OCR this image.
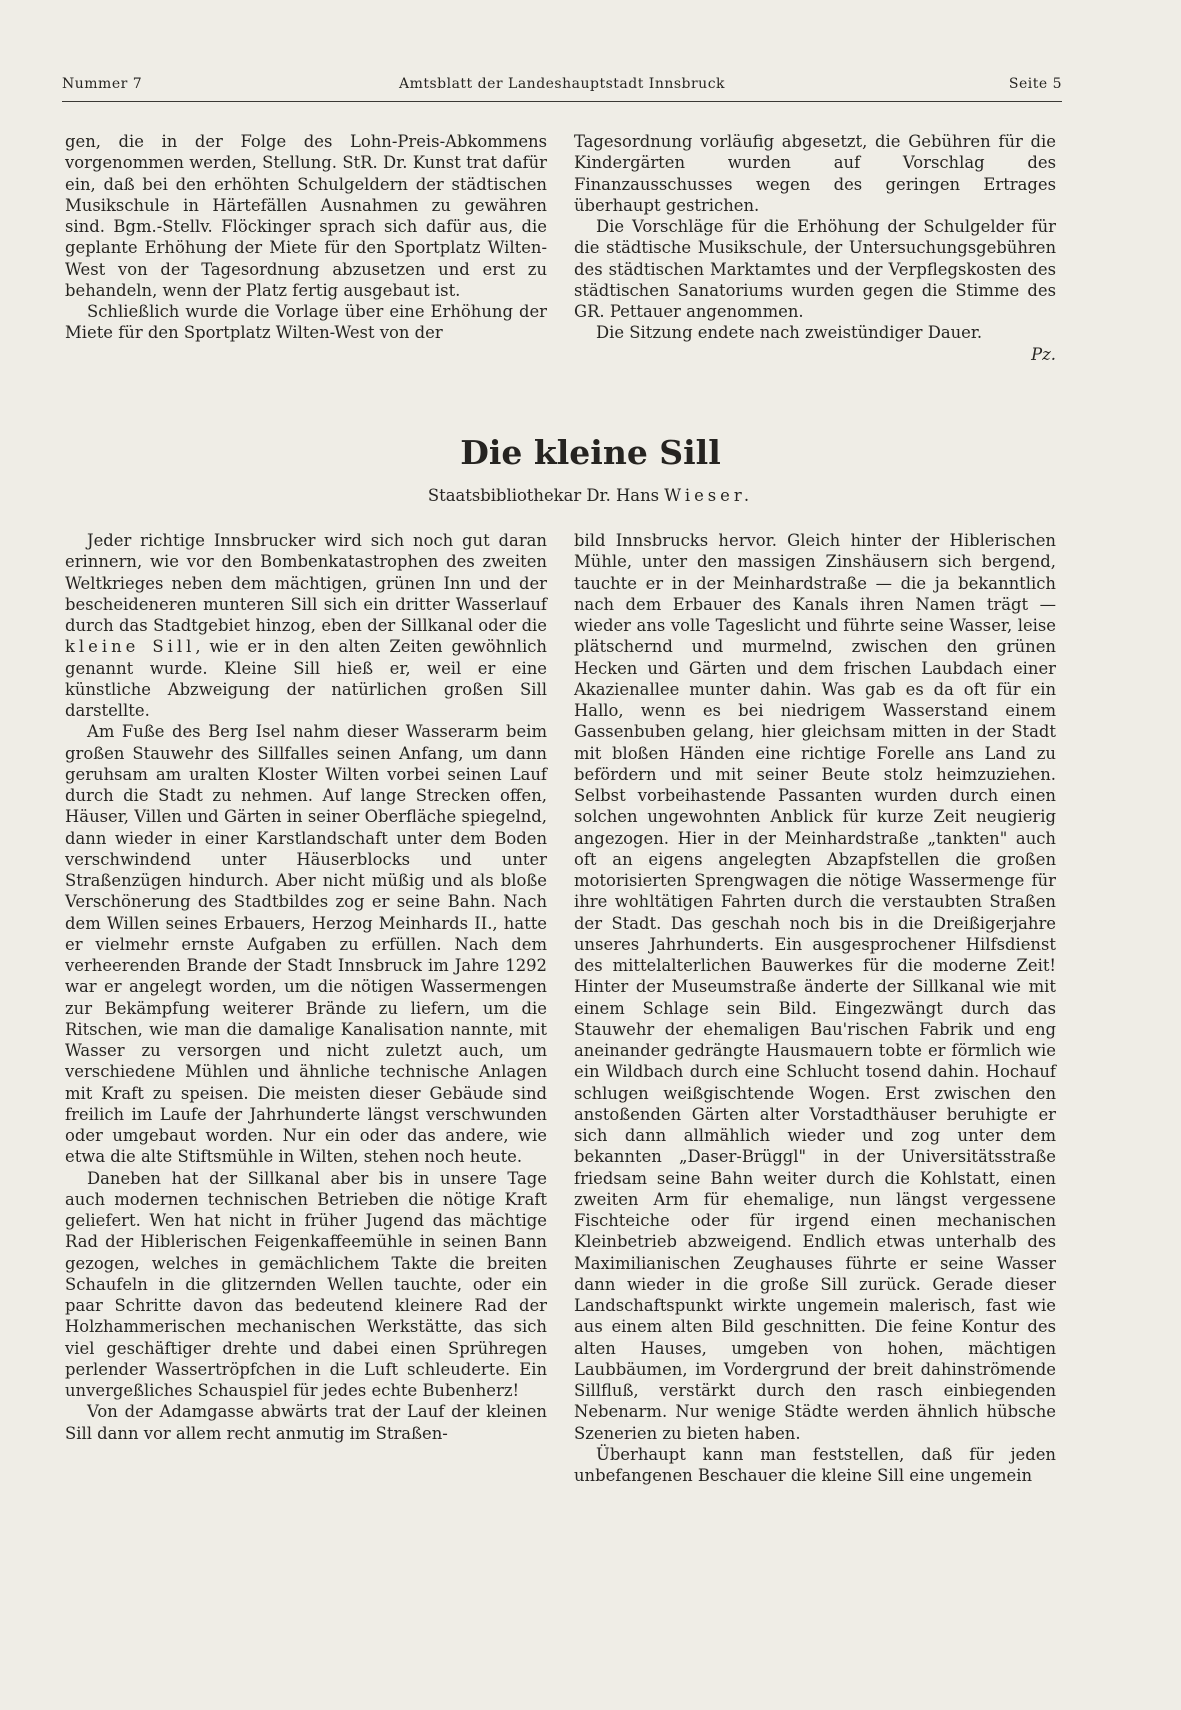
Nummer 7	Amtsblatt der Landeshauptstadt Innsbruck	Seite 5

gen, die in der Folge des Lohn-Preis-Abkommens vorgenommen werden, Stellung. StR. Dr. Kunst trat dafür ein, daß bei den erhöhten Schulgeldern der städtischen Musikschule in Härtefällen Ausnahmen zu gewähren sind. Bgm.-Stellv. Flöckinger sprach sich dafür aus, die geplante Erhöhung der Miete für den Sportplatz Wilten-West von der Tagesordnung abzusetzen und erst zu behandeln, wenn der Platz fertig ausgebaut ist.

Schließlich wurde die Vorlage über eine Erhöhung der Miete für den Sportplatz Wilten-West von der

Tagesordnung vorläufig abgesetzt, die Gebühren für die Kindergärten wurden auf Vorschlag des Finanzausschusses wegen des geringen Ertrages überhaupt gestrichen.

Die Vorschläge für die Erhöhung der Schulgelder für die städtische Musikschule, der Untersuchungsgebühren des städtischen Marktamtes und der Verpflegskosten des städtischen Sanatoriums wurden gegen die Stimme des GR. Pettauer angenommen.

Die Sitzung endete nach zweistündiger Dauer.

Pz.

Die kleine Sill
Staatsbibliothekar Dr. Hans Wieser.

Jeder richtige Innsbrucker wird sich noch gut daran erinnern, wie vor den Bombenkatastrophen des zweiten Weltkrieges neben dem mächtigen, grünen Inn und der bescheideneren munteren Sill sich ein dritter Wasserlauf durch das Stadtgebiet hinzog, eben der Sillkanal oder die kleine Sill, wie er in den alten Zeiten gewöhnlich genannt wurde. Kleine Sill hieß er, weil er eine künstliche Abzweigung der natürlichen großen Sill darstellte.

Am Fuße des Berg Isel nahm dieser Wasserarm beim großen Stauwehr des Sillfalles seinen Anfang, um dann geruhsam am uralten Kloster Wilten vorbei seinen Lauf durch die Stadt zu nehmen. Auf lange Strecken offen, Häuser, Villen und Gärten in seiner Oberfläche spiegelnd, dann wieder in einer Karstlandschaft unter dem Boden verschwindend unter Häuserblocks und unter Straßenzügen hindurch. Aber nicht müßig und als bloße Verschönerung des Stadtbildes zog er seine Bahn. Nach dem Willen seines Erbauers, Herzog Meinhards II., hatte er vielmehr ernste Aufgaben zu erfüllen. Nach dem verheerenden Brande der Stadt Innsbruck im Jahre 1292 war er angelegt worden, um die nötigen Wassermengen zur Bekämpfung weiterer Brände zu liefern, um die Ritschen, wie man die damalige Kanalisation nannte, mit Wasser zu versorgen und nicht zuletzt auch, um verschiedene Mühlen und ähnliche technische Anlagen mit Kraft zu speisen. Die meisten dieser Gebäude sind freilich im Laufe der Jahrhunderte längst verschwunden oder umgebaut worden. Nur ein oder das andere, wie etwa die alte Stiftsmühle in Wilten, stehen noch heute.

Daneben hat der Sillkanal aber bis in unsere Tage auch modernen technischen Betrieben die nötige Kraft geliefert. Wen hat nicht in früher Jugend das mächtige Rad der Hiblerischen Feigenkaffeemühle in seinen Bann gezogen, welches in gemächlichem Takte die breiten Schaufeln in die glitzernden Wellen tauchte, oder ein paar Schritte davon das bedeutend kleinere Rad der Holzhammerischen mechanischen Werkstätte, das sich viel geschäftiger drehte und dabei einen Sprühregen perlender Wassertröpfchen in die Luft schleuderte. Ein unvergeßliches Schauspiel für jedes echte Bubenherz!

Von der Adamgasse abwärts trat der Lauf der kleinen Sill dann vor allem recht anmutig im Straßen-

bild Innsbrucks hervor. Gleich hinter der Hiblerischen Mühle, unter den massigen Zinshäusern sich bergend, tauchte er in der Meinhardstraße — die ja bekanntlich nach dem Erbauer des Kanals ihren Namen trägt — wieder ans volle Tageslicht und führte seine Wasser, leise plätschernd und murmelnd, zwischen den grünen Hecken und Gärten und dem frischen Laubdach einer Akazienallee munter dahin. Was gab es da oft für ein Hallo, wenn es bei niedrigem Wasserstand einem Gassenbuben gelang, hier gleichsam mitten in der Stadt mit bloßen Händen eine richtige Forelle ans Land zu befördern und mit seiner Beute stolz heimzuziehen. Selbst vorbeihastende Passanten wurden durch einen solchen ungewohnten Anblick für kurze Zeit neugierig angezogen. Hier in der Meinhardstraße „tankten" auch oft an eigens angelegten Abzapfstellen die großen motorisierten Sprengwagen die nötige Wassermenge für ihre wohltätigen Fahrten durch die verstaubten Straßen der Stadt. Das geschah noch bis in die Dreißigerjahre unseres Jahrhunderts. Ein ausgesprochener Hilfsdienst des mittelalterlichen Bauwerkes für die moderne Zeit! Hinter der Museumstraße änderte der Sillkanal wie mit einem Schlage sein Bild. Eingezwängt durch das Stauwehr der ehemaligen Bau'rischen Fabrik und eng aneinander gedrängte Hausmauern tobte er förmlich wie ein Wildbach durch eine Schlucht tosend dahin. Hochauf schlugen weißgischtende Wogen. Erst zwischen den anstoßenden Gärten alter Vorstadthäuser beruhigte er sich dann allmählich wieder und zog unter dem bekannten „Daser-Brüggl" in der Universitätsstraße friedsam seine Bahn weiter durch die Kohlstatt, einen zweiten Arm für ehemalige, nun längst vergessene Fischteiche oder für irgend einen mechanischen Kleinbetrieb abzweigend. Endlich etwas unterhalb des Maximilianischen Zeughauses führte er seine Wasser dann wieder in die große Sill zurück. Gerade dieser Landschaftspunkt wirkte ungemein malerisch, fast wie aus einem alten Bild geschnitten. Die feine Kontur des alten Hauses, umgeben von hohen, mächtigen Laubbäumen, im Vordergrund der breit dahinströmende Sillfluß, verstärkt durch den rasch einbiegenden Nebenarm. Nur wenige Städte werden ähnlich hübsche Szenerien zu bieten haben.

Überhaupt kann man feststellen, daß für jeden unbefangenen Beschauer die kleine Sill eine ungemein
